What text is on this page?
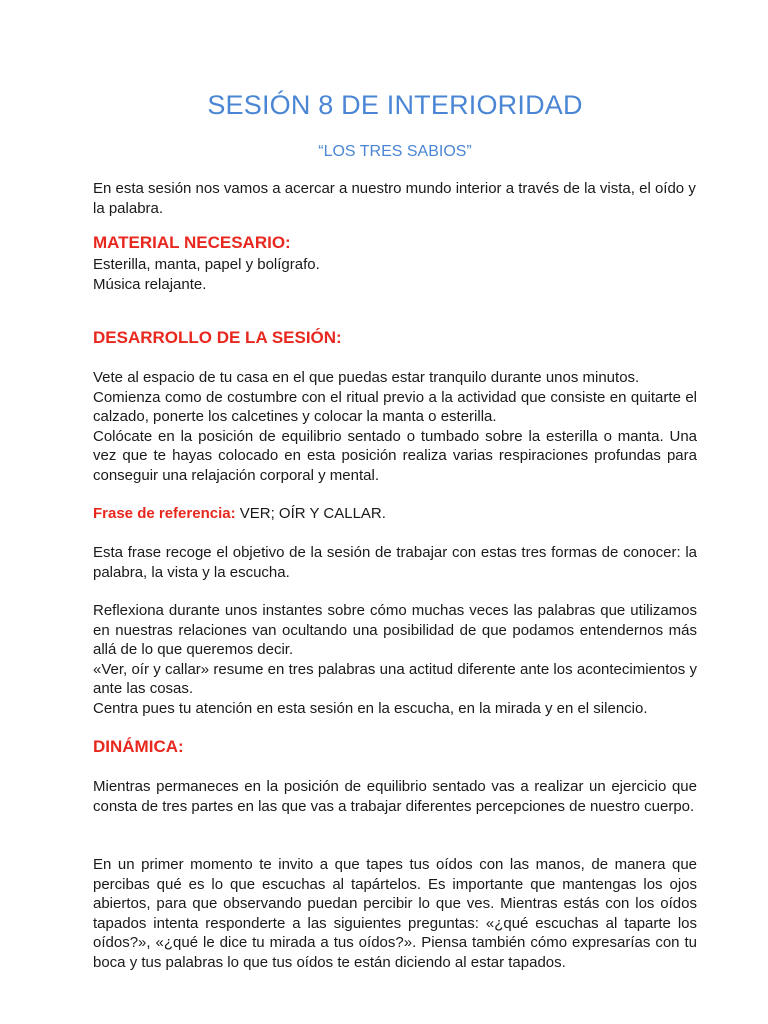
SESIÓN 8 DE INTERIORIDAD
“LOS TRES SABIOS”

En esta sesión nos vamos a acercar a nuestro mundo interior a través de la vista, el oído y la palabra.

MATERIAL NECESARIO:

Esterilla, manta, papel y bolígrafo.

Música relajante.

DESARROLLO DE LA SESIÓN:

Vete al espacio de tu casa en el que puedas estar tranquilo durante unos minutos.

Comienza como de costumbre con el ritual previo a la actividad que consiste en quitarte el calzado, ponerte los calcetines y colocar la manta o esterilla.

Colócate en la posición de equilibrio sentado o tumbado sobre la esterilla o manta. Una vez que te hayas colocado en esta posición realiza varias respiraciones profundas para conseguir una relajación corporal y mental.

Frase de referencia: VER; OÍR Y CALLAR.

Esta frase recoge el objetivo de la sesión de trabajar con estas tres formas de conocer: la palabra, la vista y la escucha.

Reflexiona durante unos instantes sobre cómo muchas veces las palabras que utilizamos en nuestras relaciones van ocultando una posibilidad de que podamos entendernos más allá de lo que queremos decir.

«Ver, oír y callar» resume en tres palabras una actitud diferente ante los acontecimientos y ante las cosas.

Centra pues tu atención en esta sesión en la escucha, en la mirada y en el silencio.

DINÁMICA:

Mientras permaneces en la posición de equilibrio sentado vas a realizar un ejercicio que consta de tres partes en las que vas a trabajar diferentes percepciones de nuestro cuerpo.

En un primer momento te invito a que tapes tus oídos con las manos, de manera que percibas qué es lo que escuchas al tapártelos. Es importante que mantengas los ojos abiertos, para que observando puedan percibir lo que ves. Mientras estás con los oídos tapados intenta responderte a las siguientes preguntas: «¿qué escuchas al taparte los oídos?», «¿qué le dice tu mirada a tus oídos?». Piensa también cómo expresarías con tu boca y tus palabras lo que tus oídos te están diciendo al estar tapados.
